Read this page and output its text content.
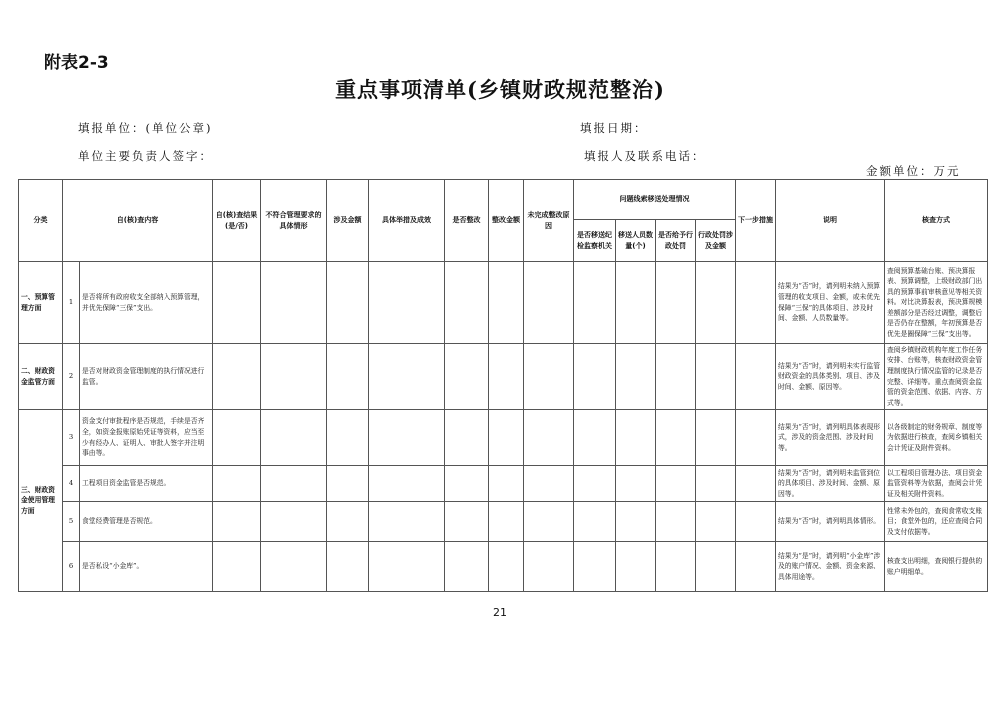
附表2-3
重点事项清单(乡镇财政规范整治)
填报单位：(单位公章)	填报日期：
单位主要负责人签字：	填报人及联系电话：
金额单位：万元
分类	自(核)查内容		自(核)查结果(是/否)	不符合管理要求的具体情形	涉及金额	具体举措及成效	是否整改	整改金额	未完成整改原因	问题线索移送处理情况				下一步措施	说明	核查方式
										是否移送纪检监察机关	移送人员数量(个)	是否给予行政处罚	行政处罚涉及金额			
一、预算管理方面	1	是否将所有政府收支全部纳入预算管理，并优先保障“三保”支出。													结果为“否”时，请列明未纳入预算管理的收支项目、金额，或未优先保障“三保”的具体项目、涉及时间、金额、人员数量等。	查阅预算基础台账、预决算报表、预算调整，上级财政部门出具的预算事前审核意见等相关资料。对比决算报表，预决算规模差额部分是否经过调整，调整后是否仍存在整额，年初预算是否优先是圈保障“三保”支出等。
二、财政资金监管方面	2	是否对财政资金管理制度的执行情况进行监管。													结果为“否”时，请列明未实行监管财政资金的具体类别、项目、涉及时间、金额、原因等。	查阅乡镇财政机构年度工作任务安排、台账等，核查财政资金管理制度执行情况监管的记录是否完整、详细等。重点查阅资金监管的资金范围、依据、内容、方式等。
三、财政资金使用管理方面	3	资金支付审批程序是否规范，手续是否齐全，如资金报账原始凭证等资料，应当至少有经办人、证明人、审批人签字并注明事由等。													结果为“否”时，请列明具体表现形式，涉及的资金范围、涉及时间等。	以各级制定的财务规章、制度等为依据进行核查，查阅乡镇相关会计凭证及附件资料。
	4	工程项目资金监管是否规范。													结果为“否”时，请列明未监管到位的具体项目、涉及时间、金额、原因等。	以工程项目管理办法、项目资金监管资料等为依据，查阅会计凭证及相关附件资料。
	5	食堂经费管理是否规范。													结果为“否”时，请列明具体情形。	性常未外包的，查阅食常收支账目；食堂外包的，还应查阅合同及支付依据等。
	6	是否私设“小金库”。													结果为“是”时，请列明“小金库”涉及的账户情况、金额、资金来源、具体用途等。	核查支出明细，查阅银行提供的账户明细单。
21
